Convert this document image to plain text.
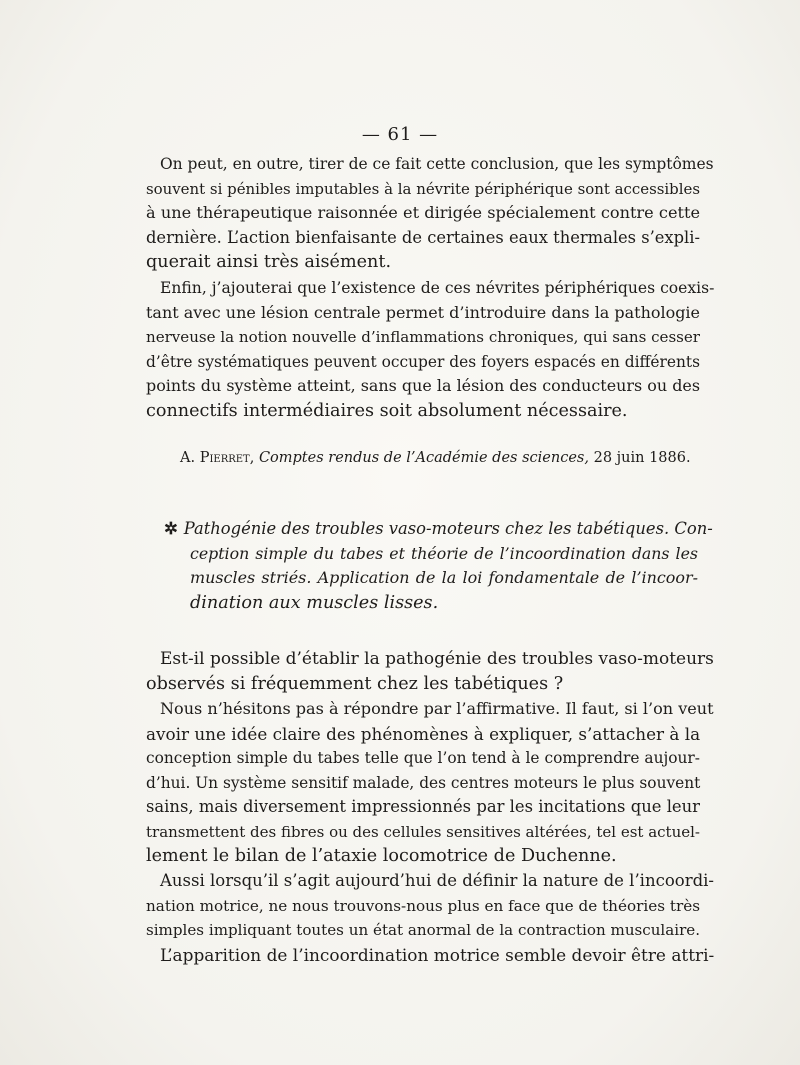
— 61 —
On peut, en outre, tirer de ce fait cette conclusion, que les symptômes
souvent si pénibles imputables à la névrite périphérique sont accessibles
à une thérapeutique raisonnée et dirigée spécialement contre cette
dernière. L’action bienfaisante de certaines eaux thermales s’expli-
querait ainsi très aisément.
Enfin, j’ajouterai que l’existence de ces névrites périphériques coexis-
tant avec une lésion centrale permet d’introduire dans la pathologie
nerveuse la notion nouvelle d’inflammations chroniques, qui sans cesser
d’être systématiques peuvent occuper des foyers espacés en différents
points du système atteint, sans que la lésion des conducteurs ou des
connectifs intermédiaires soit absolument nécessaire.
A. Pierret, Comptes rendus de l’Académie des sciences, 28 juin 1886.
✲ Pathogénie des troubles vaso-moteurs chez les tabétiques. Con-
ception simple du tabes et théorie de l’incoordination dans les
muscles striés. Application de la loi fondamentale de l’incoor-
dination aux muscles lisses.
Est-il possible d’établir la pathogénie des troubles vaso-moteurs
observés si fréquemment chez les tabétiques ?
Nous n’hésitons pas à répondre par l’affirmative. Il faut, si l’on veut
avoir une idée claire des phénomènes à expliquer, s’attacher à la
conception simple du tabes telle que l’on tend à le comprendre aujour-
d’hui. Un système sensitif malade, des centres moteurs le plus souvent
sains, mais diversement impressionnés par les incitations que leur
transmettent des fibres ou des cellules sensitives altérées, tel est actuel-
lement le bilan de l’ataxie locomotrice de Duchenne.
Aussi lorsqu’il s’agit aujourd’hui de définir la nature de l’incoordi-
nation motrice, ne nous trouvons-nous plus en face que de théories très
simples impliquant toutes un état anormal de la contraction musculaire.
L’apparition de l’incoordination motrice semble devoir être attri-
